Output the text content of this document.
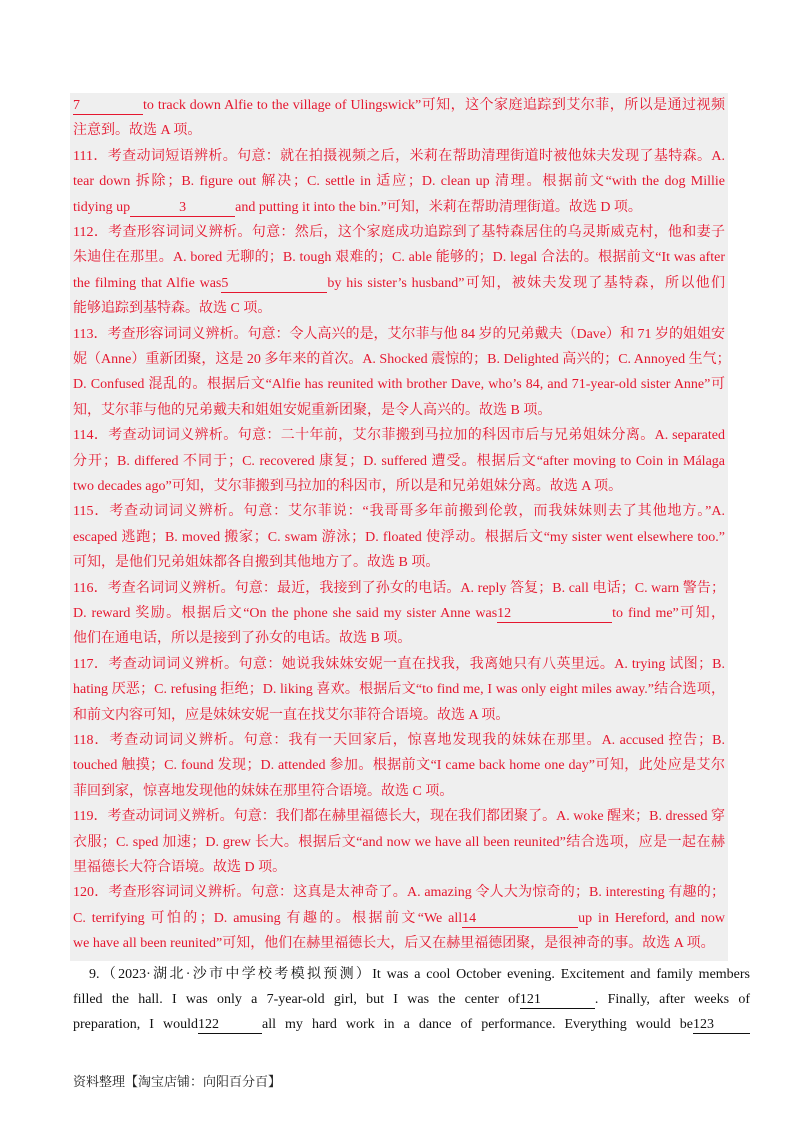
7	to track down Alfie to the village of Ulingswick”可知，这个家庭追踪到艾尔菲，所以是通过视频
注意到。故选 A 项。
111．考查动词短语辨析。句意：就在拍摄视频之后，米莉在帮助清理街道时被他妹夫发现了基特森。A.
tear down 拆除；B. figure out 解决；C. settle in 适应；D. clean up 清理。根据前文“with the dog Millie
tidying up	3	and putting it into the bin.”可知，米莉在帮助清理街道。故选 D 项。
112．考查形容词词义辨析。句意：然后，这个家庭成功追踪到了基特森居住的乌灵斯威克村，他和妻子
朱迪住在那里。A. bored 无聊的；B. tough 艰难的；C. able 能够的；D. legal 合法的。根据前文“It was after
the filming that Alfie was5	by his sister’s husband”可知，被妹夫发现了基特森，所以他们
能够追踪到基特森。故选 C 项。
113．考查形容词词义辨析。句意：令人高兴的是，艾尔菲与他 84 岁的兄弟戴夫（Dave）和 71 岁的姐姐安
妮（Anne）重新团聚，这是 20 多年来的首次。A. Shocked 震惊的；B. Delighted 高兴的；C. Annoyed 生气；
D. Confused 混乱的。根据后文“Alfie has reunited with brother Dave, who’s 84, and 71-year-old sister Anne”可
知，艾尔菲与他的兄弟戴夫和姐姐安妮重新团聚，是令人高兴的。故选 B 项。
114．考查动词词义辨析。句意：二十年前，艾尔菲搬到马拉加的科因市后与兄弟姐妹分离。A. separated
分开；B. differed 不同于；C. recovered 康复；D. suffered 遭受。根据后文“after moving to Coin in Málaga
two decades ago”可知，艾尔菲搬到马拉加的科因市，所以是和兄弟姐妹分离。故选 A 项。
115．考查动词词义辨析。句意：艾尔菲说：“我哥哥多年前搬到伦敦，而我妹妹则去了其他地方。”A.
escaped 逃跑；B. moved 搬家；C. swam 游泳；D. floated 使浮动。根据后文“my sister went elsewhere too.”
可知，是他们兄弟姐妹都各自搬到其他地方了。故选 B 项。
116．考查名词词义辨析。句意：最近，我接到了孙女的电话。A. reply 答复；B. call 电话；C. warn 警告；
D. reward 奖励。根据后文“On the phone she said my sister Anne was12	to find me”可知，
他们在通电话，所以是接到了孙女的电话。故选 B 项。
117．考查动词词义辨析。句意：她说我妹妹安妮一直在找我，我离她只有八英里远。A. trying 试图；B.
hating 厌恶；C. refusing 拒绝；D. liking 喜欢。根据后文“to find me, I was only eight miles away.”结合选项，
和前文内容可知，应是妹妹安妮一直在找艾尔菲符合语境。故选 A 项。
118．考查动词词义辨析。句意：我有一天回家后，惊喜地发现我的妹妹在那里。A. accused 控告；B.
touched 触摸；C. found 发现；D. attended 参加。根据前文“I came back home one day”可知，此处应是艾尔
菲回到家，惊喜地发现他的妹妹在那里符合语境。故选 C 项。
119．考查动词词义辨析。句意：我们都在赫里福德长大，现在我们都团聚了。A. woke 醒来；B. dressed 穿
衣服；C. sped 加速；D. grew 长大。根据后文“and now we have all been reunited”结合选项，应是一起在赫
里福德长大符合语境。故选 D 项。
120．考查形容词词义辨析。句意：这真是太神奇了。A. amazing 令人大为惊奇的；B. interesting 有趣的；
C. terrifying 可怕的；D. amusing 有趣的。根据前文“We all14	up in Hereford, and now
we have all been reunited”可知，他们在赫里福德长大，后又在赫里福德团聚，是很神奇的事。故选 A 项。
9.（2023·湖北·沙市中学校考模拟预测）It was a cool October evening. Excitement and family members
filled the hall. I was only a 7-year-old girl, but I was the center of121	. Finally, after weeks of
preparation, I would122	all my hard work in a dance of performance. Everything would be123
资料整理【淘宝店铺：向阳百分百】
